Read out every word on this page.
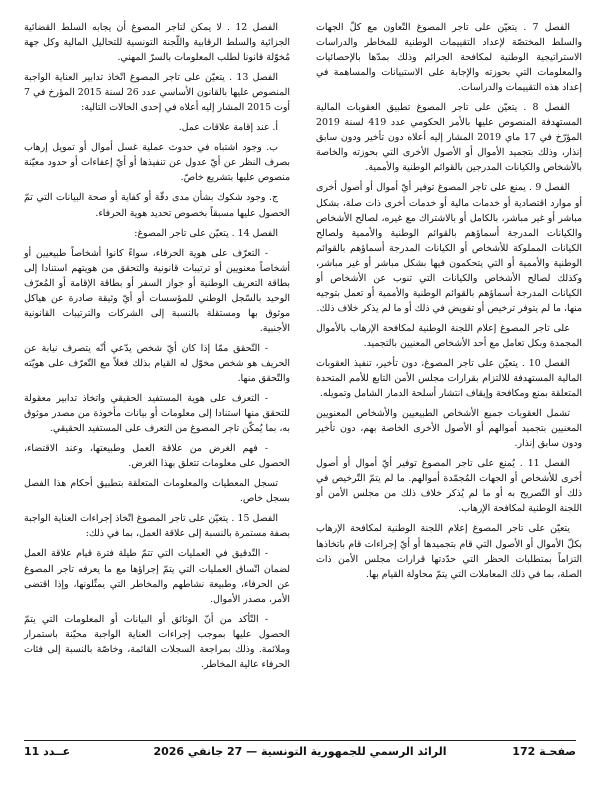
الفصل 7 . يتعيّن على تاجر المصوغ التّعاون مع كلّ الجهات والسلط المختصّة لإعداد التقييمات الوطنية للمخاطر والدراسات الاستراتيجية الوطنية لمكافحة الجرائم وذلك بمدّها بالإحصائيات والمعلومات التي بحوزته والإجابة على الاستبيانات والمساهمة في إعداد هذه التقييمات والدراسات.

الفصل 8 . يتعيّن على تاجر المصوغ تطبيق العقوبات المالية المستهدفة المنصوص عليها بالأمر الحكومي عدد 419 لسنة 2019 المؤرّخ في 17 ماي 2019 المشار إليه أعلاه دون تأخير ودون سابق إنذار، وذلك بتجميد الأموال أو الأصول الأخرى التي بحوزته والخاصة بالأشخاص والكيانات المدرجين بالقوائم الوطنية والأممية.

الفصل 9 . يمنع على تاجر المصوغ توفير أيّ أموال أو أصول أخرى أو موارد اقتصادية أو خدمات مالية أو خدمات أخرى ذات صلة، بشكل مباشر أو غير مباشر، بالكامل أو بالاشتراك مع غيره، لصالح الأشخاص والكيانات المدرجة أسماؤهم بالقوائم الوطنية والأممية ولصالح الكيانات المملوكة للأشخاص أو الكيانات المدرجة أسماؤهم بالقوائم الوطنية والأممية أو التي يتحكمون فيها بشكل مباشر أو غير مباشر، وكذلك لصالح الأشخاص والكيانات التي تنوب عن الأشخاص أو الكيانات المدرجة أسماؤهم بالقوائم الوطنية والأممية أو تعمل بتوجيه منها، ما لم يتوفر ترخيص أو تفويض في ذلك أو ما لم يذكر خلاف ذلك.

على تاجر المصوغ إعلام اللجنة الوطنية لمكافحة الإرهاب بالأموال المجمدة وبكل تعامل مع أحد الأشخاص المعنيين بالتجميد.

الفصل 10 . يتعيّن على تاجر المصوغ، دون تأخير، تنفيذ العقوبات المالية المستهدفة للالتزام بقرارات مجلس الأمن التابع للأمم المتحدة المتعلقة بمنع ومكافحة وإيقاف انتشار أسلحة الدمار الشامل وتمويله.

تشمل العقوبات جميع الأشخاص الطبيعيين والأشخاص المعنويين المعنيين بتجميد أموالهم أو الأصول الأخرى الخاصة بهم، دون تأخير ودون سابق إنذار.

الفصل 11 . يُمنع على تاجر المصوغ توفير أيّ أموال أو أصول أخرى للأشخاص أو الجهات المُجمّدة أموالهم. ما لم يتمّ التّرخيص في ذلك أو التّصريح به أو ما لم يُذكر خلاف ذلك من مجلس الأمن أو اللجنة الوطنية لمكافحة الإرهاب.

يتعيّن على تاجر المصوغ إعلام اللجنة الوطنية لمكافحة الإرهاب بكلّ الأموال أو الأصول التي قام بتجميدها أو أيّ إجراءات قام باتخاذها التزاماً بمتطلبات الحظر التي حدّدتها قرارات مجلس الأمن ذات الصلة، بما في ذلك المعاملات التي يتمّ محاولة القيام بها.

الفصل 12 . لا يمكن لتاجر المصوغ أن يجابه السلط القضائية الجزائية والسلط الرقابية واللّجنة التونسية للتحاليل المالية وكل جهة مُخوّلة قانونا لطلب المعلومات بالسرّ المهني.

الفصل 13 . يتعيّن على تاجر المصوغ اتّخاذ تدابير العناية الواجبة المنصوص عليها بالقانون الأساسي عدد 26 لسنة 2015 المؤرخ في 7 أوت 2015 المشار إليه أعلاه في إحدى الحالات التالية:

أ. عند إقامة علاقات عمل.

ب. وجود اشتباه في حدوث عملية غسل أموال أو تمويل إرهاب بصرف النظر عن أيّ عدول عن تنفيذها أو أيّ إعفاءات أو حدود معيّنة منصوص عليها بتشريع خاصّ.

ج. وجود شكوك بشأن مدى دقّة أو كفاية أو صحة البيانات التي تمّ الحصول عليها مسبقاً بخصوص تحديد هوية الحرفاء.

الفصل 14 . يتعيّن على تاجر المصوغ:

- التعرّف على هوية الحرفاء، سواءً كانوا أشخاصاً طبيعيين أو أشخاصاً معنويين أو ترتيبات قانونية والتحقق من هويتهم استنادا إلى بطاقة التعريف الوطنية أو جواز السفر أو بطاقة الإقامة أو المُعرّف الوحيد بالسّجل الوطني للمؤسسات أو أيّ وثيقة صادرة عن هياكل موثوق بها ومستقلة بالنسبة إلى الشركات والترتيبات القانونية الأجنبية.

- التّحقق ممّا إذا كان أيّ شخص يدّعي أنّه يتصرف نيابة عن الحريف هو شخص مخوّل له القيام بذلك فعلاً مع التّعرّف على هويّته والتّحقق منها.

- التعرف على هوية المستفيد الحقيقي واتخاذ تدابير معقولة للتحقق منها استنادا إلى معلومات أو بيانات مأخوذة من مصدر موثوق به، بما يُمكّن تاجر المصوغ من التعرف على المستفيد الحقيقي.

- فهم الغرض من علاقة العمل وطبيعتها، وعند الاقتضاء، الحصول على معلومات تتعلق بهذا الغرض.

تسجل المعطيات والمعلومات المتعلقة بتطبيق أحكام هذا الفصل بسجل خاص.

الفصل 15 . يتعيّن على تاجر المصوغ اتّخاذ إجراءات العناية الواجبة بصفة مستمرة بالنسبة إلى علاقة العمل، بما في ذلك:

- التّدقيق في العمليات التي تتمّ طيلة فترة قيام علاقة العمل لضمان اتّساق العمليات التي يتمّ إجراؤها مع ما يعرفه تاجر المصوغ عن الحرفاء، وطبيعة نشاطهم والمخاطر التي يمثّلونها، وإذا اقتضى الأمر، مصدر الأموال.

- التّأكد من أنّ الوثائق أو البيانات أو المعلومات التي يتمّ الحصول عليها بموجب إجراءات العناية الواجبة محيّنة باستمرار وملائمة. وذلك بمراجعة السجلات القائمة، وخاصّة بالنسبة إلى فئات الحرفاء عالية المخاطر.

صفحـة 172
الرائد الرسمي للجمهورية التونسية — 27 جانفي 2026
عــدد 11
